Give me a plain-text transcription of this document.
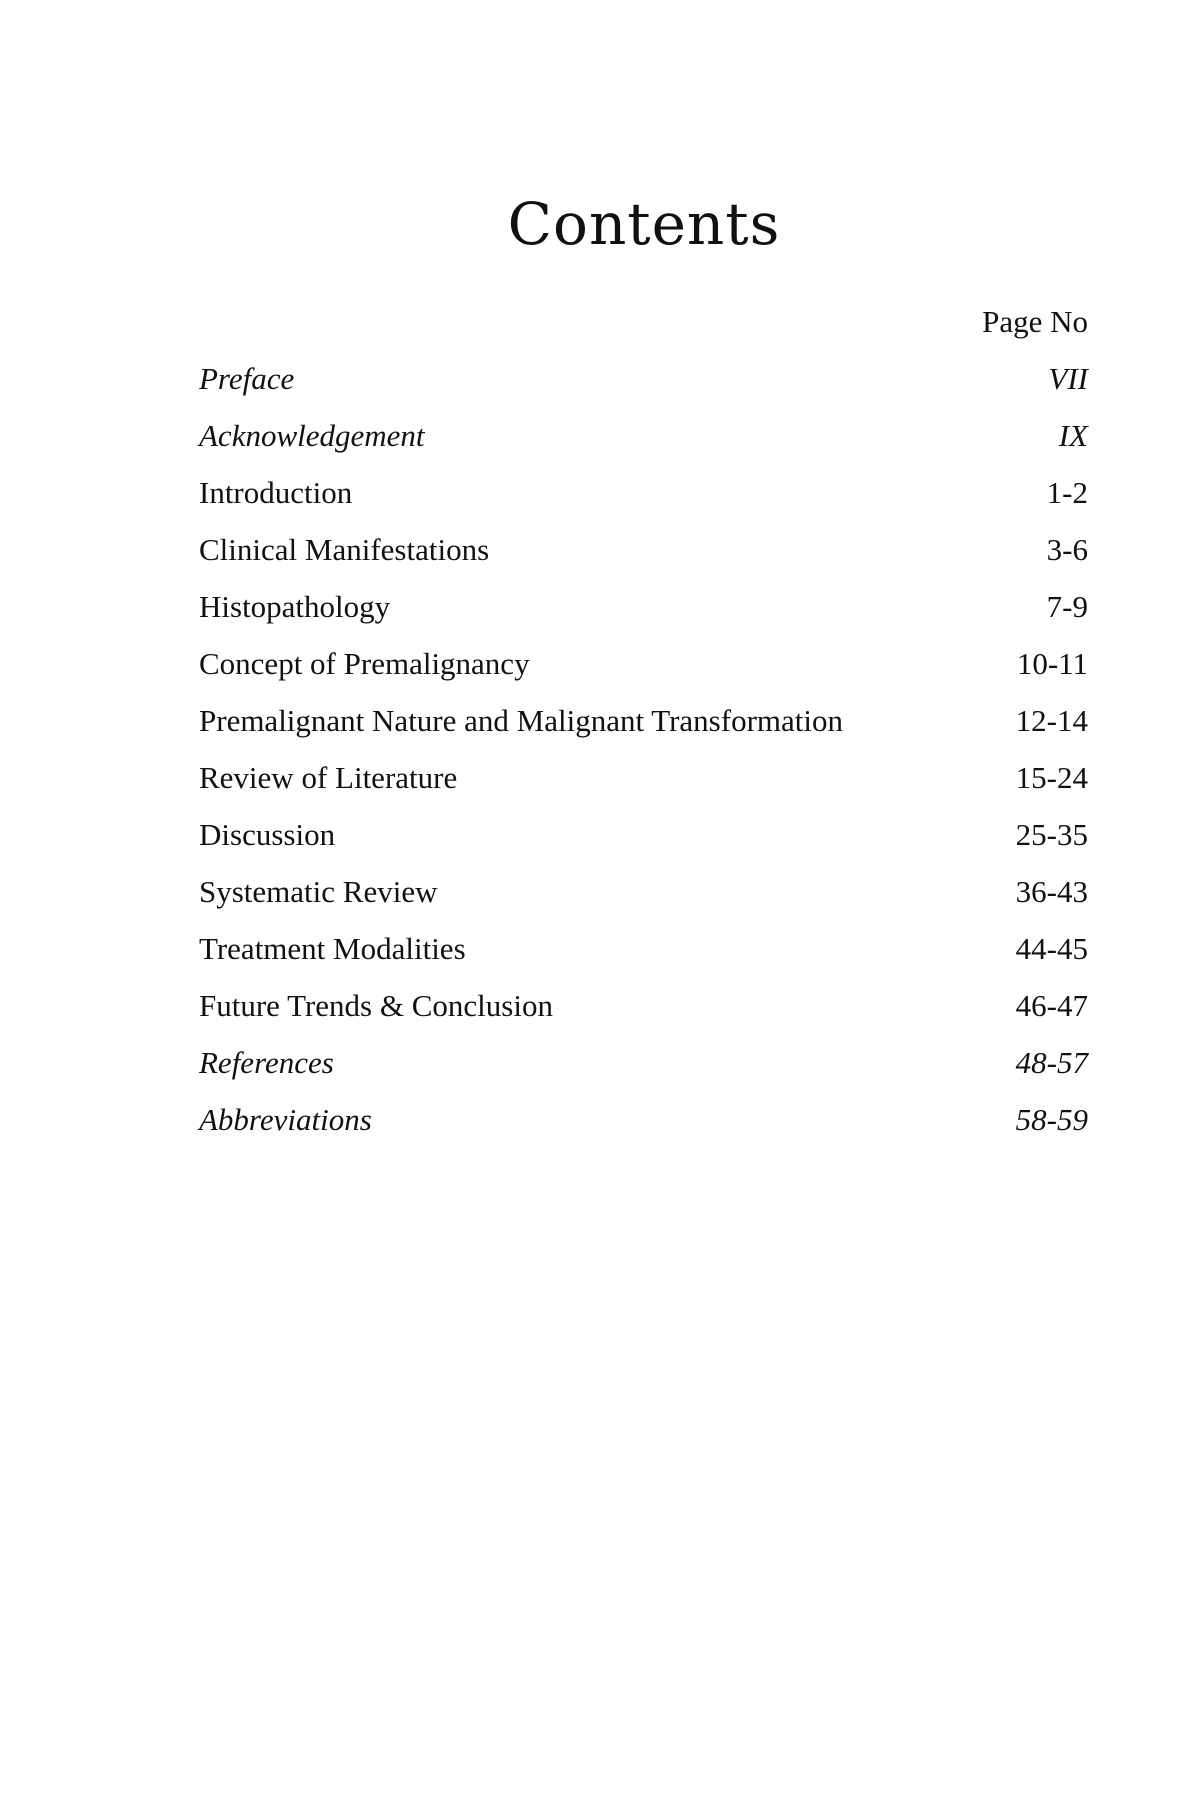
Contents
Page No
Preface	VII
Acknowledgement	IX
Introduction	1-2
Clinical Manifestations	3-6
Histopathology	7-9
Concept of Premalignancy	10-11
Premalignant Nature and Malignant Transformation	12-14
Review of Literature	15-24
Discussion	25-35
Systematic Review	36-43
Treatment Modalities	44-45
Future Trends & Conclusion	46-47
References	48-57
Abbreviations	58-59
